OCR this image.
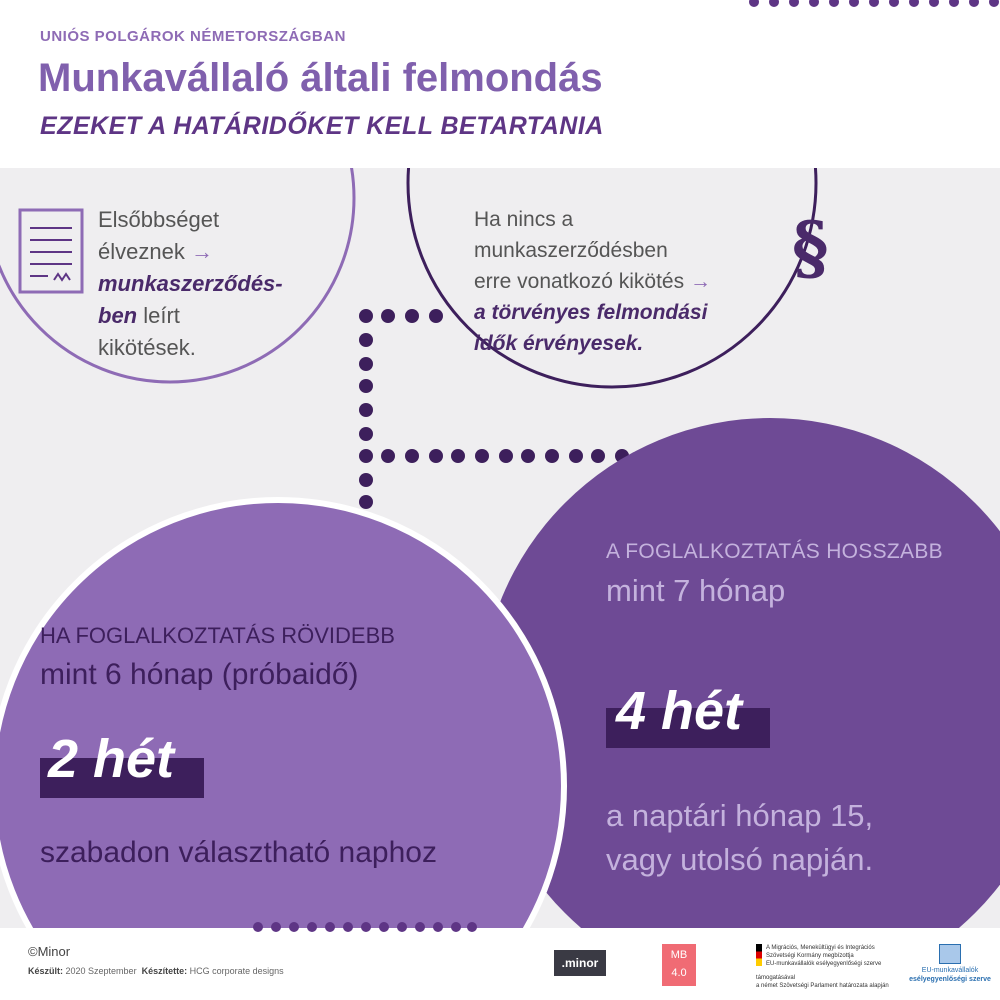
UNIÓS POLGÁROK NÉMETORSZÁGBAN
Munkavállaló általi felmondás
EZEKET A HATÁRIDŐKET KELL BETARTANIA
Elsőbbséget
élveznek →
munkaszerződés-
ben leírt
kikötések.
Ha nincs a
munkaszerződésben
erre vonatkozó kikötés →
a törvényes felmondási
idők érvényesek.
§
HA FOGLALKOZTATÁS RÖVIDEBB
mint 6 hónap (próbaidő)
2 hét
szabadon választható naphoz
A FOGLALKOZTATÁS HOSSZABB
mint 7 hónap
4 hét
a naptári hónap 15,
vagy utolsó napján.
©Minor
Készült: 2020 Szeptember Készítette: HCG corporate designs
.minor
MB
4.0
A Migrációs, Menekültügyi és Integrációs
Szövetségi Kormány megbízottja
EU-munkavállalók esélyegyenlőségi szerve
támogatásával
a német Szövetségi Parlament határozata alapján
EU-munkavállalók
esélyegyenlőségi szerve
